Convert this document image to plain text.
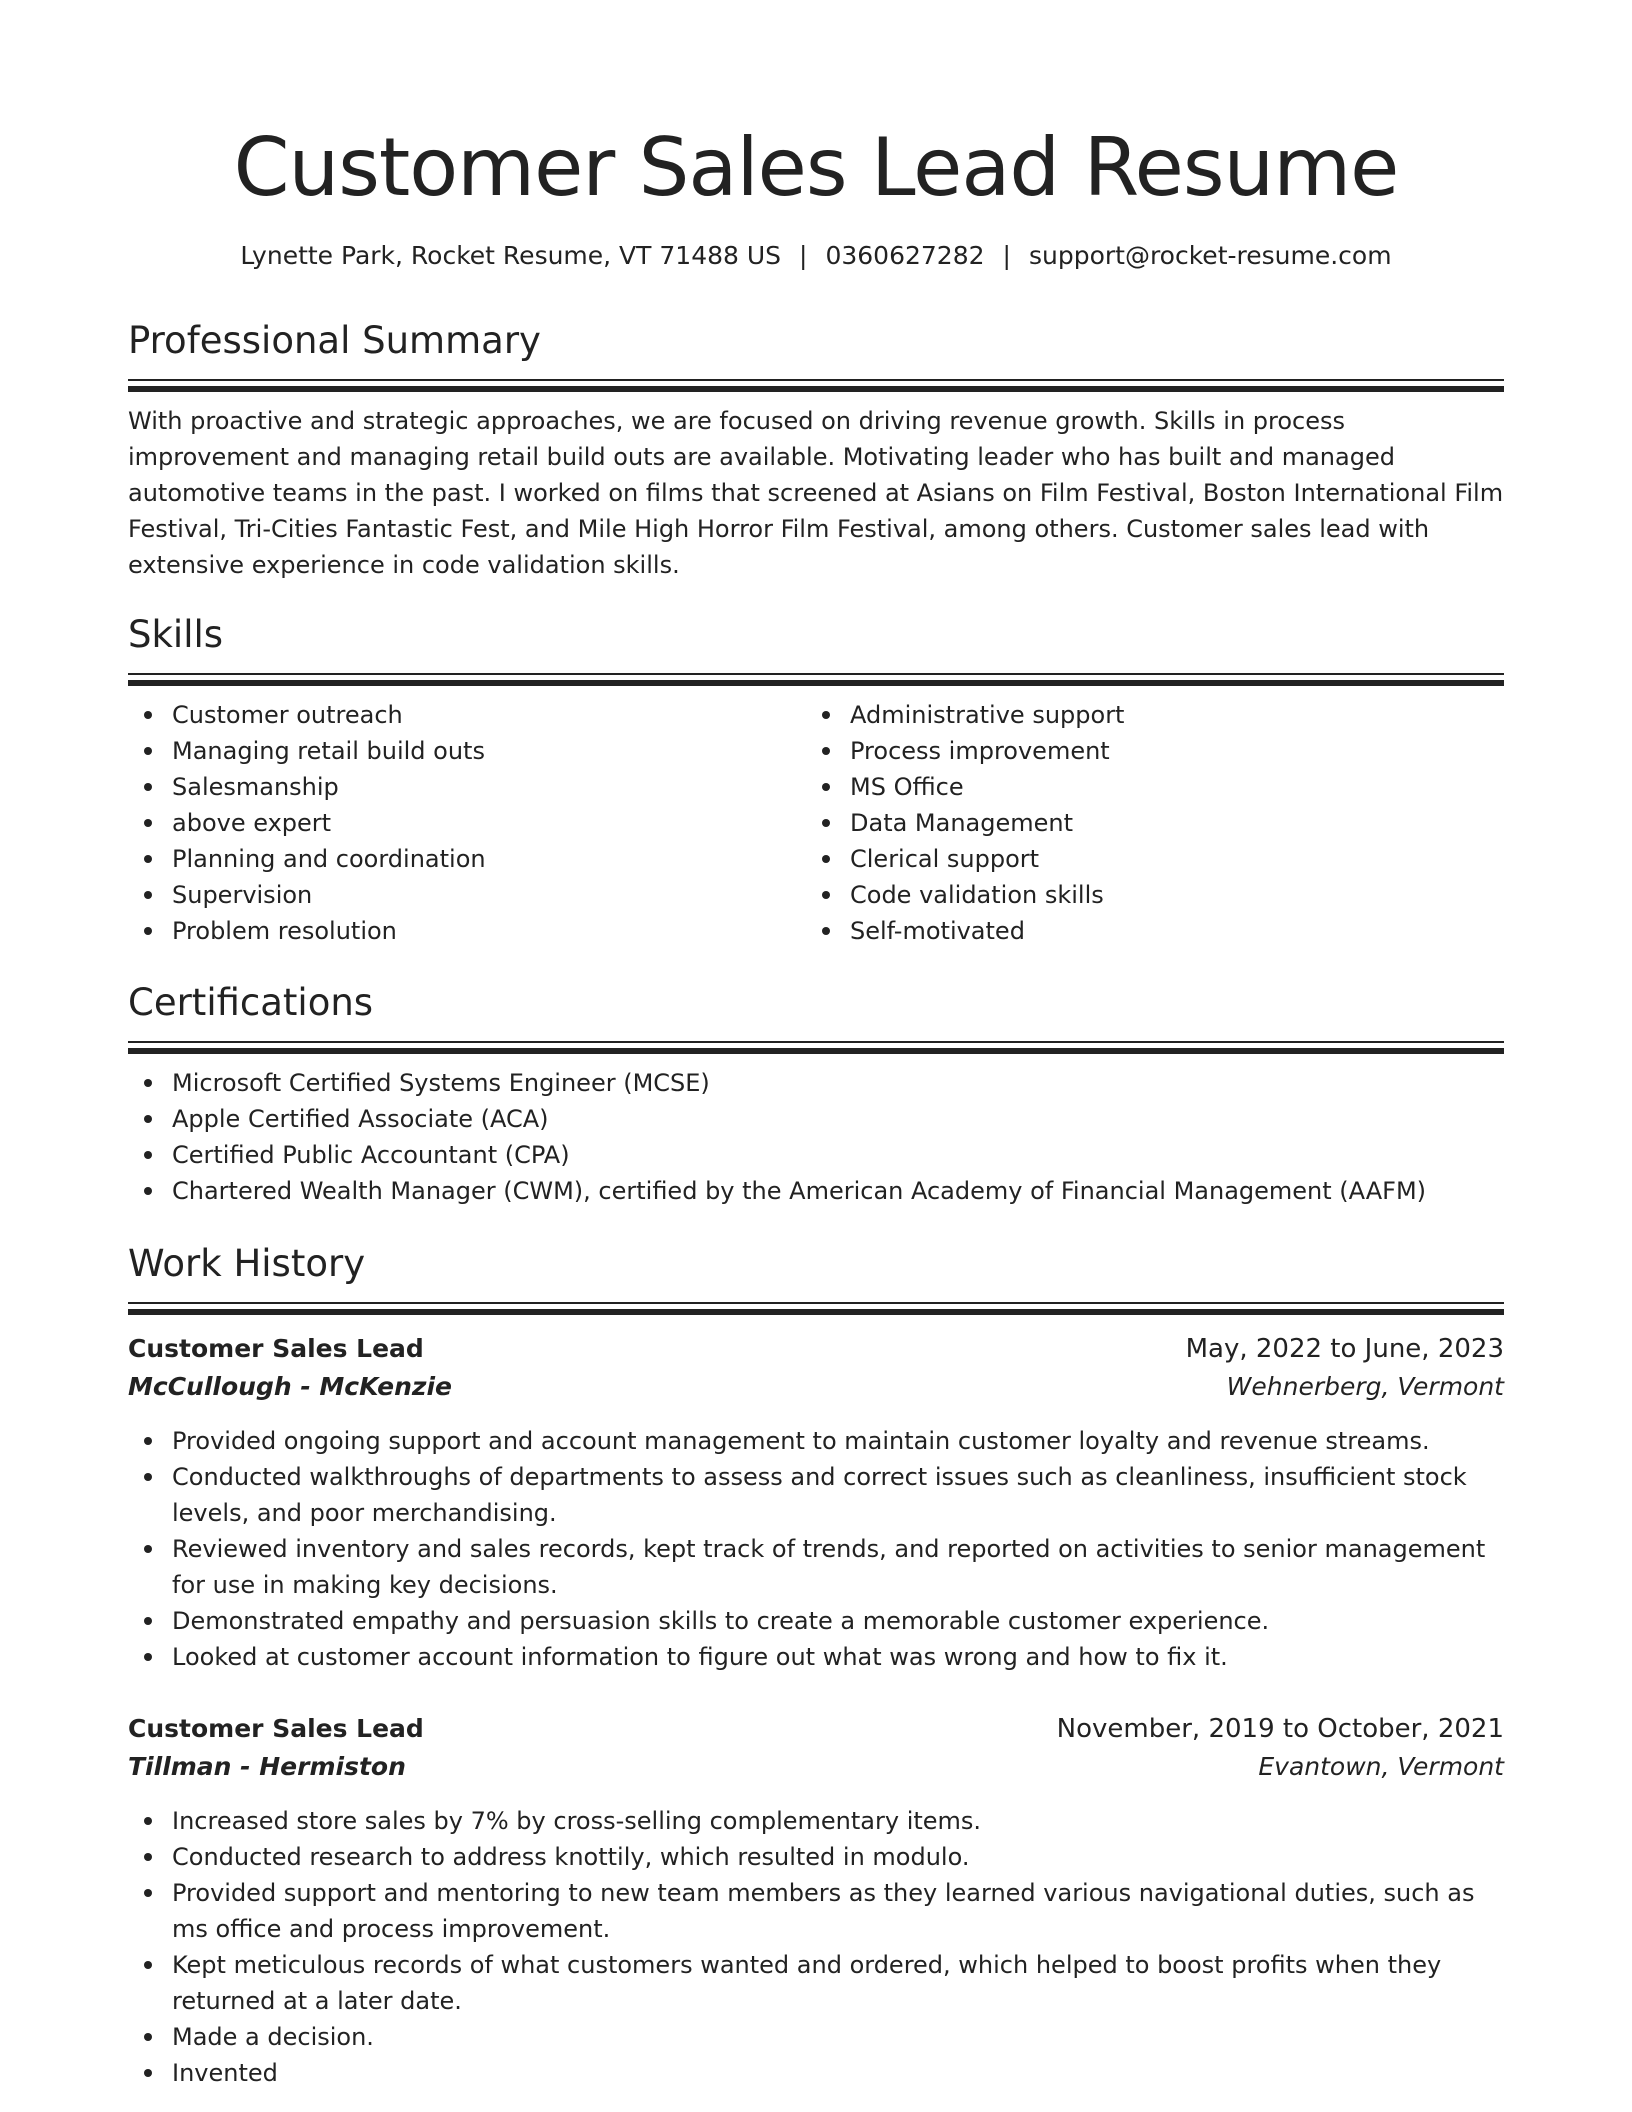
Customer Sales Lead Resume
Lynette Park, Rocket Resume, VT 71488 US | 0360627282 | support@rocket-resume.com
Professional Summary

With proactive and strategic approaches, we are focused on driving revenue growth. Skills in process improvement and managing retail build outs are available. Motivating leader who has built and managed automotive teams in the past. I worked on films that screened at Asians on Film Festival, Boston International Film Festival, Tri-Cities Fantastic Fest, and Mile High Horror Film Festival, among others. Customer sales lead with extensive experience in code validation skills.

Skills
Customer outreach
Managing retail build outs
Salesmanship
above expert
Planning and coordination
Supervision
Problem resolution
Administrative support
Process improvement
MS Office
Data Management
Clerical support
Code validation skills
Self-motivated
Certifications
Microsoft Certified Systems Engineer (MCSE)
Apple Certified Associate (ACA)
Certified Public Accountant (CPA)
Chartered Wealth Manager (CWM), certified by the American Academy of Financial Management (AAFM)
Work History
Customer Sales Lead	May, 2022 to June, 2023
McCullough - McKenzie	Wehnerberg, Vermont
Provided ongoing support and account management to maintain customer loyalty and revenue streams.
Conducted walkthroughs of departments to assess and correct issues such as cleanliness, insufficient stock levels, and poor merchandising.
Reviewed inventory and sales records, kept track of trends, and reported on activities to senior management for use in making key decisions.
Demonstrated empathy and persuasion skills to create a memorable customer experience.
Looked at customer account information to figure out what was wrong and how to fix it.
Customer Sales Lead	November, 2019 to October, 2021
Tillman - Hermiston	Evantown, Vermont
Increased store sales by 7% by cross-selling complementary items.
Conducted research to address knottily, which resulted in modulo.
Provided support and mentoring to new team members as they learned various navigational duties, such as ms office and process improvement.
Kept meticulous records of what customers wanted and ordered, which helped to boost profits when they returned at a later date.
Made a decision.
Invented
